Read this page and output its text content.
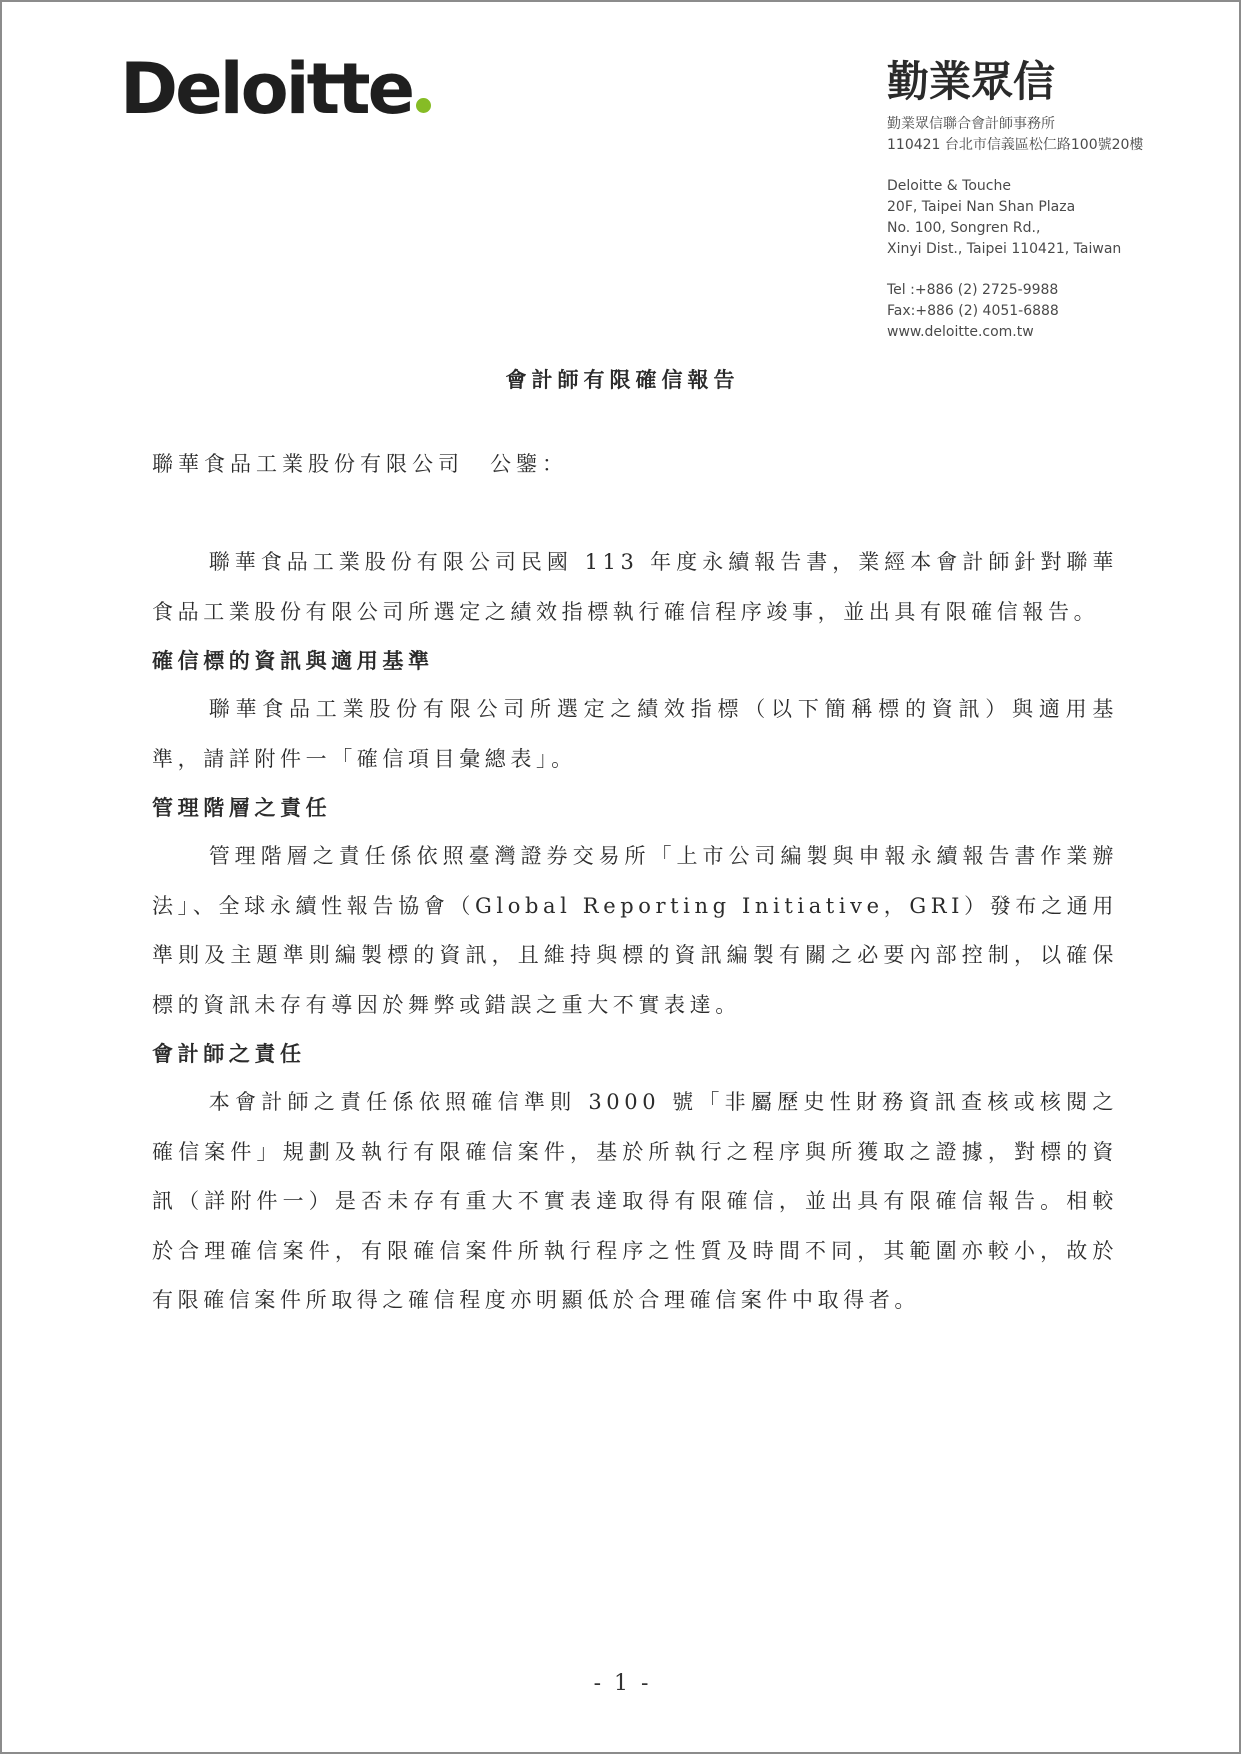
Deloitte	勤業眾信
勤業眾信聯合會計師事務所
110421 台北市信義區松仁路100號20樓
Deloitte & Touche
20F, Taipei Nan Shan Plaza
No. 100, Songren Rd.,
Xinyi Dist., Taipei 110421, Taiwan
Tel :+886 (2) 2725-9988
Fax:+886 (2) 4051-6888
www.deloitte.com.tw
會計師有限確信報告
聯華食品工業股份有限公司 公鑒：

聯華食品工業股份有限公司民國 113 年度永續報告書，業經本會計師針對聯華食品工業股份有限公司所選定之績效指標執行確信程序竣事，並出具有限確信報告。

確信標的資訊與適用基準

聯華食品工業股份有限公司所選定之績效指標（以下簡稱標的資訊）與適用基準，請詳附件一「確信項目彙總表」。

管理階層之責任

管理階層之責任係依照臺灣證券交易所「上市公司編製與申報永續報告書作業辦法」、全球永續性報告協會（Global Reporting Initiative，GRI）發布之通用準則及主題準則編製標的資訊，且維持與標的資訊編製有關之必要內部控制，以確保標的資訊未存有導因於舞弊或錯誤之重大不實表達。

會計師之責任

本會計師之責任係依照確信準則 3000 號「非屬歷史性財務資訊查核或核閱之確信案件」規劃及執行有限確信案件，基於所執行之程序與所獲取之證據，對標的資訊（詳附件一）是否未存有重大不實表達取得有限確信，並出具有限確信報告。相較於合理確信案件，有限確信案件所執行程序之性質及時間不同，其範圍亦較小，故於有限確信案件所取得之確信程度亦明顯低於合理確信案件中取得者。

- 1 -
